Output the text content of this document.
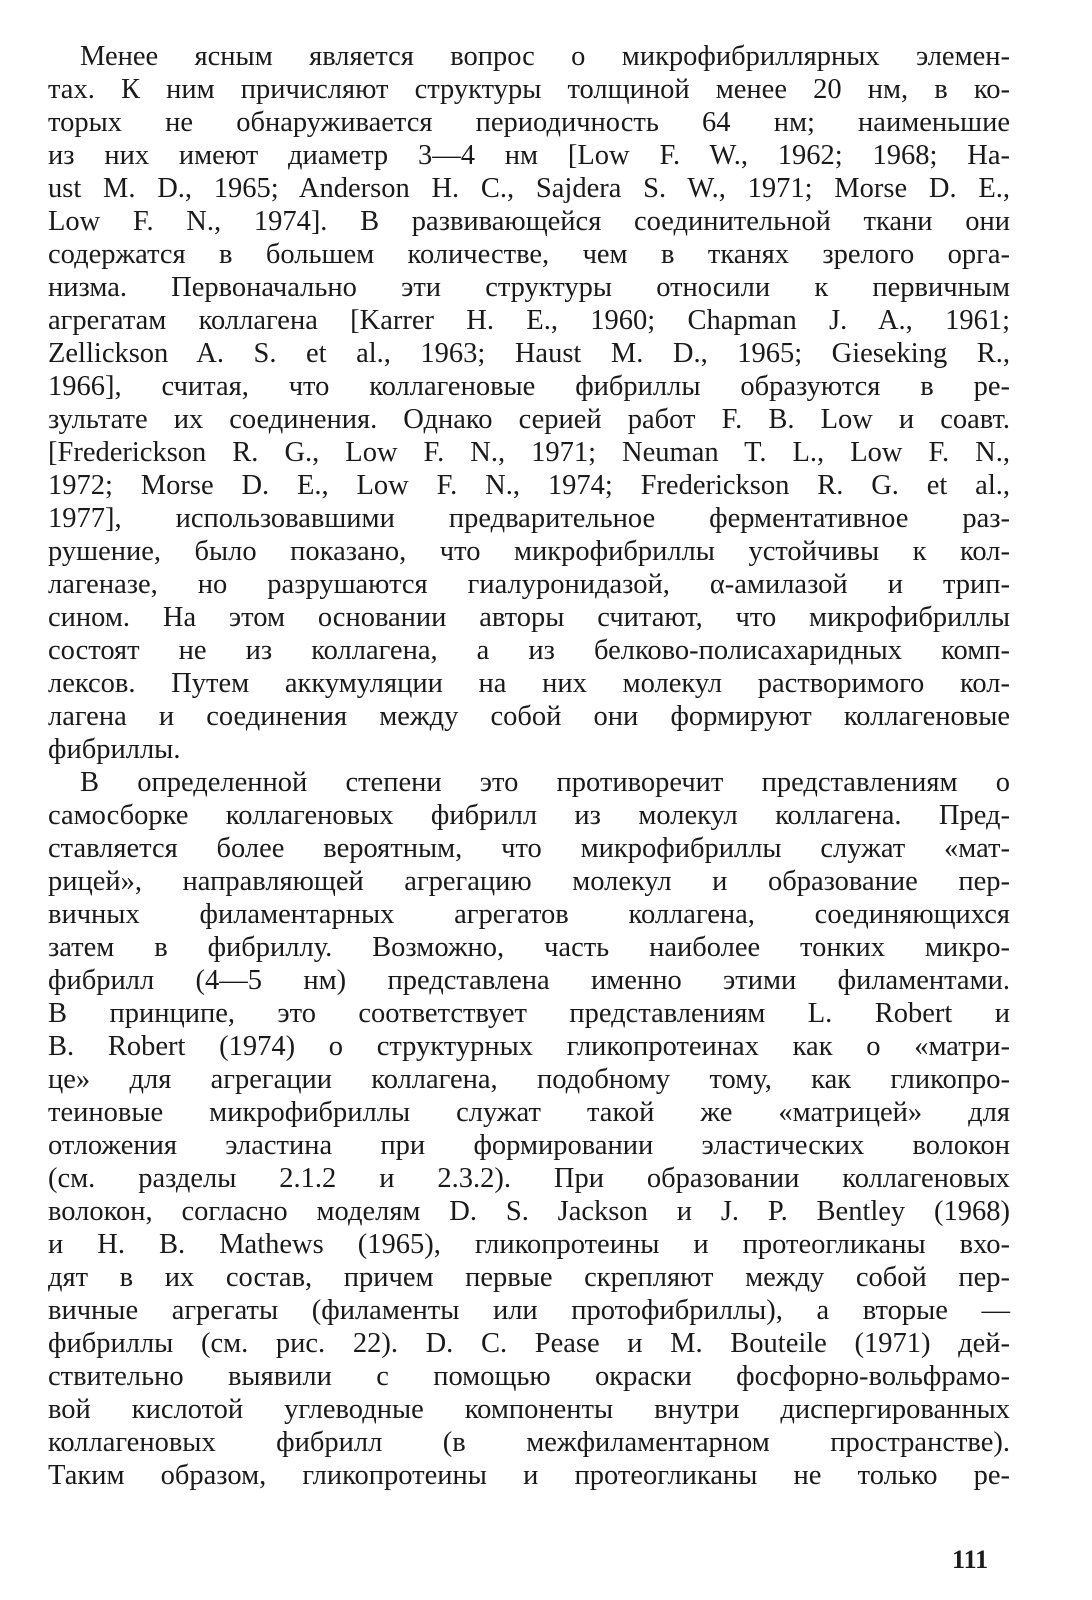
Менее ясным является вопрос о микрофибриллярных элемен-
тах. К ним причисляют структуры толщиной менее 20 нм, в ко-
торых не обнаруживается периодичность 64 нм; наименьшие
из них имеют диаметр 3—4 нм [Low F. W., 1962; 1968; Ha-
ust M. D., 1965; Anderson H. C., Sajdera S. W., 1971; Morse D. E.,
Low F. N., 1974]. В развивающейся соединительной ткани они
содержатся в большем количестве, чем в тканях зрелого орга-
низма. Первоначально эти структуры относили к первичным
агрегатам коллагена [Karrer H. E., 1960; Chapman J. A., 1961;
Zellickson A. S. et al., 1963; Haust M. D., 1965; Gieseking R.,
1966], считая, что коллагеновые фибриллы образуются в ре-
зультате их соединения. Однако серией работ F. B. Low и соавт.
[Frederickson R. G., Low F. N., 1971; Neuman T. L., Low F. N.,
1972; Morse D. E., Low F. N., 1974; Frederickson R. G. et al.,
1977], использовавшими предварительное ферментативное раз-
рушение, было показано, что микрофибриллы устойчивы к кол-
лагеназе, но разрушаются гиалуронидазой, α-амилазой и трип-
сином. На этом основании авторы считают, что микрофибриллы
состоят не из коллагена, а из белково-полисахаридных комп-
лексов. Путем аккумуляции на них молекул растворимого кол-
лагена и соединения между собой они формируют коллагеновые
фибриллы.
В определенной степени это противоречит представлениям о
самосборке коллагеновых фибрилл из молекул коллагена. Пред-
ставляется более вероятным, что микрофибриллы служат «мат-
рицей», направляющей агрегацию молекул и образование пер-
вичных филаментарных агрегатов коллагена, соединяющихся
затем в фибриллу. Возможно, часть наиболее тонких микро-
фибрилл (4—5 нм) представлена именно этими филаментами.
В принципе, это соответствует представлениям L. Robert и
B. Robert (1974) о структурных гликопротеинах как о «матри-
це» для агрегации коллагена, подобному тому, как гликопро-
теиновые микрофибриллы служат такой же «матрицей» для
отложения эластина при формировании эластических волокон
(см. разделы 2.1.2 и 2.3.2). При образовании коллагеновых
волокон, согласно моделям D. S. Jackson и J. P. Bentley (1968)
и H. B. Mathews (1965), гликопротеины и протеогликаны вхо-
дят в их состав, причем первые скрепляют между собой пер-
вичные агрегаты (филаменты или протофибриллы), а вторые —
фибриллы (см. рис. 22). D. C. Pease и M. Bouteile (1971) дей-
ствительно выявили с помощью окраски фосфорно-вольфрамо-
вой кислотой углеводные компоненты внутри диспергированных
коллагеновых фибрилл (в межфиламентарном пространстве).
Таким образом, гликопротеины и протеогликаны не только ре-
111
